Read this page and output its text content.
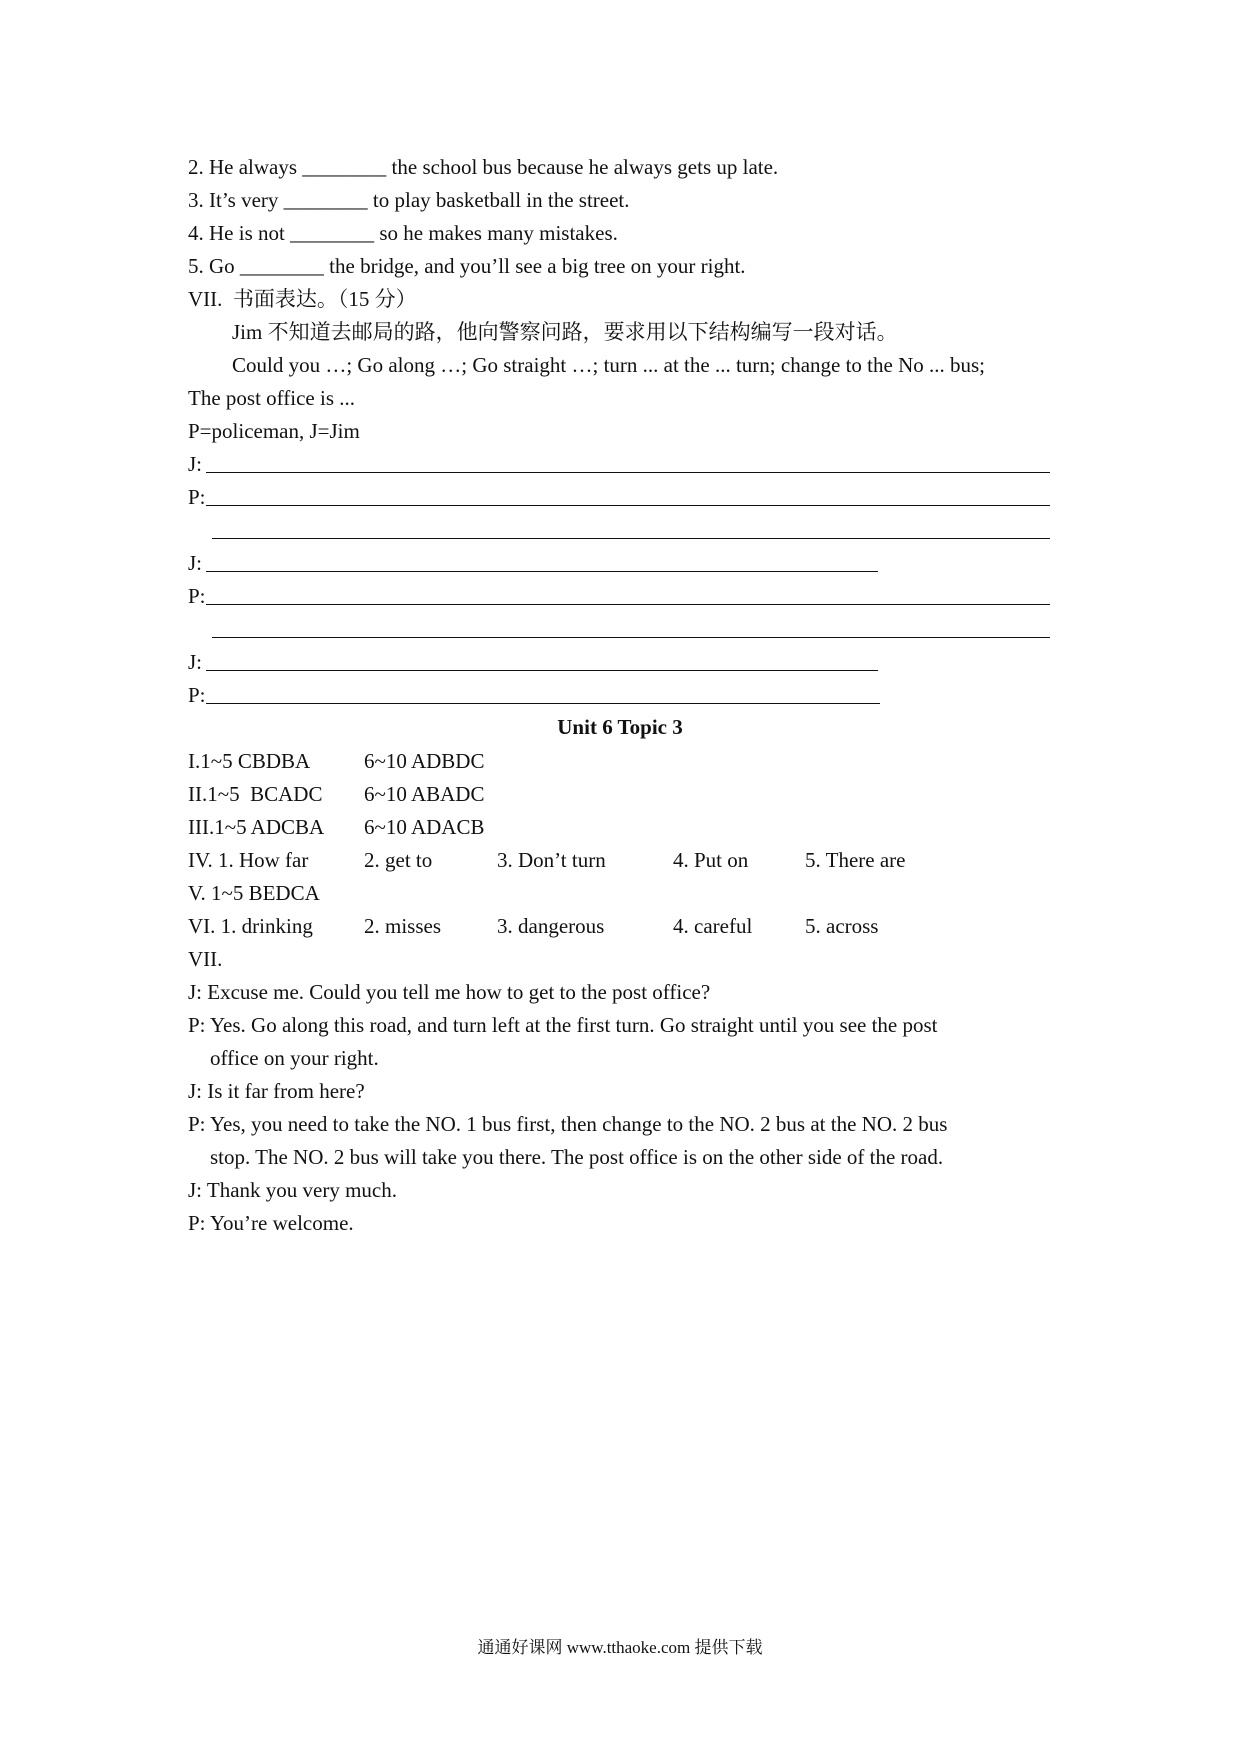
2. He always ________ the school bus because he always gets up late.
3. It’s very ________ to play basketball in the street.
4. He is not ________ so he makes many mistakes.
5. Go ________ the bridge, and you’ll see a big tree on your right.
VII.  书面表达。（15 分）
Jim 不知道去邮局的路，他向警察问路，要求用以下结构编写一段对话。
Could you …; Go along …; Go straight …; turn ... at the ... turn; change to the No ... bus;
The post office is ...
P=policeman, J=Jim
J:
P:
J:
P:
J:
P:
Unit 6 Topic 3
I.1~5 CBDBA	6~10 ADBDC
II.1~5  BCADC 6~10 ABADC
III.1~5 ADCBA 6~10 ADACB
IV. 1. How far	2. get to	3. Don’t turn	4. Put on	5. There are
V. 1~5 BEDCA
VI. 1. drinking 2. misses	3. dangerous	4. careful	5. across
VII.
J: Excuse me. Could you tell me how to get to the post office?
P: Yes. Go along this road, and turn left at the first turn. Go straight until you see the post
office on your right.
J: Is it far from here?
P: Yes, you need to take the NO. 1 bus first, then change to the NO. 2 bus at the NO. 2 bus
stop. The NO. 2 bus will take you there. The post office is on the other side of the road.
J: Thank you very much.
P: You’re welcome.
通通好课网 www.tthaoke.com 提供下载
